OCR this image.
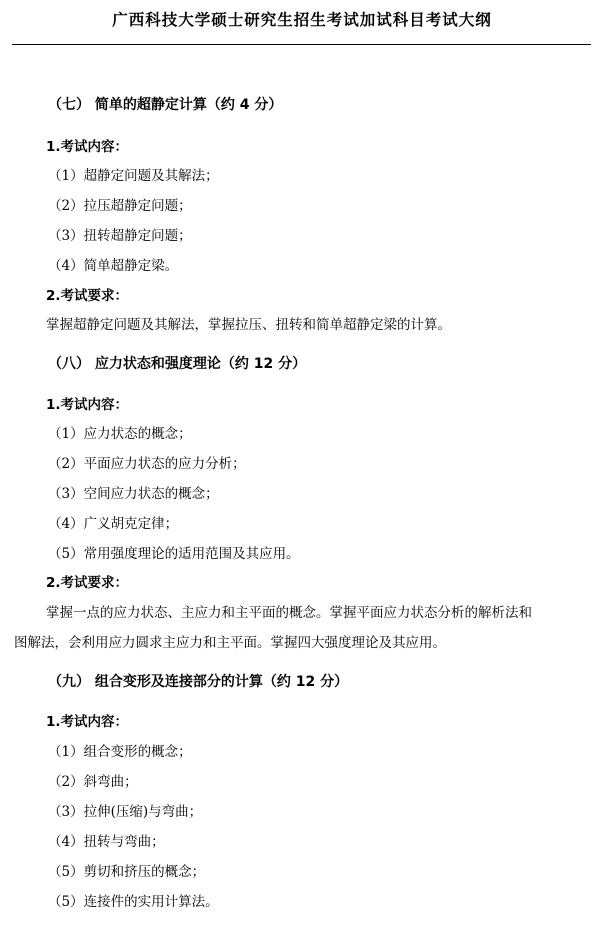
广西科技大学硕士研究生招生考试加试科目考试大纲
（七） 简单的超静定计算（约 4 分）
1.考试内容：
（1）超静定问题及其解法；
（2）拉压超静定问题；
（3）扭转超静定问题；
（4）简单超静定梁。
2.考试要求：
掌握超静定问题及其解法，掌握拉压、扭转和简单超静定梁的计算。
（八） 应力状态和强度理论（约 12 分）
1.考试内容：
（1）应力状态的概念；
（2）平面应力状态的应力分析；
（3）空间应力状态的概念；
（4）广义胡克定律；
（5）常用强度理论的适用范围及其应用。
2.考试要求：
掌握一点的应力状态、主应力和主平面的概念。掌握平面应力状态分析的解析法和
图解法，会利用应力圆求主应力和主平面。掌握四大强度理论及其应用。
（九） 组合变形及连接部分的计算（约 12 分）
1.考试内容：
（1）组合变形的概念；
（2）斜弯曲；
（3）拉伸(压缩)与弯曲；
（4）扭转与弯曲；
（5）剪切和挤压的概念；
（5）连接件的实用计算法。
